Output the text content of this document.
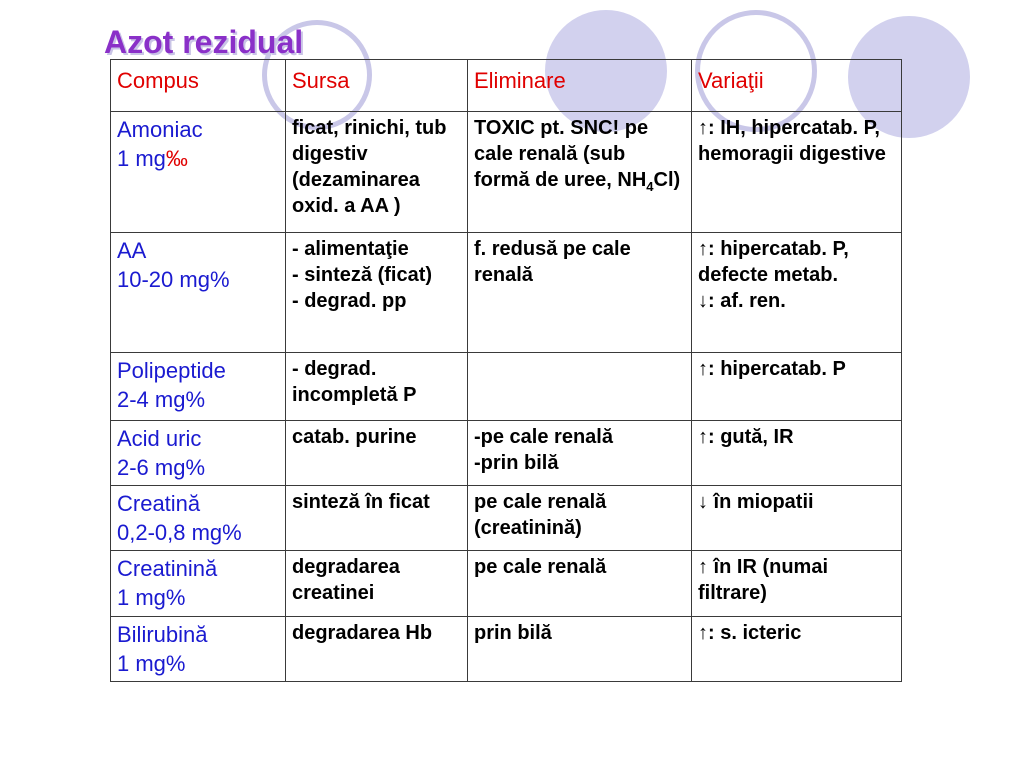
Azot rezidual
Compus	Sursa	Eliminare	Variaţii

Amoniac
1 mg‰	ficat, rinichi, tub digestiv (dezaminarea oxid. a AA )	TOXIC pt. SNC! pe cale renală (sub formă de uree, $NH_4Cl$)	↑: IH, hipercatab. P, hemoragii digestive

AA
10-20 mg%	- alimentaţie
- sinteză (ficat)
- degrad. pp	f. redusă pe cale renală	↑: hipercatab. P, defecte metab.
↓: af. ren.

Polipeptide
2-4 mg%	- degrad. incompletă P		↑: hipercatab. P

Acid uric
2-6 mg%	catab. purine	-pe cale renală
-prin bilă	↑: gută, IR

Creatină
0,2-0,8 mg%	sinteză în ficat	pe cale renală (creatinină)	↓ în miopatii

Creatinină
1 mg%	degradarea creatinei	pe cale renală	↑ în IR (numai filtrare)

Bilirubină
1 mg%	degradarea Hb	prin bilă	↑: s. icteric
